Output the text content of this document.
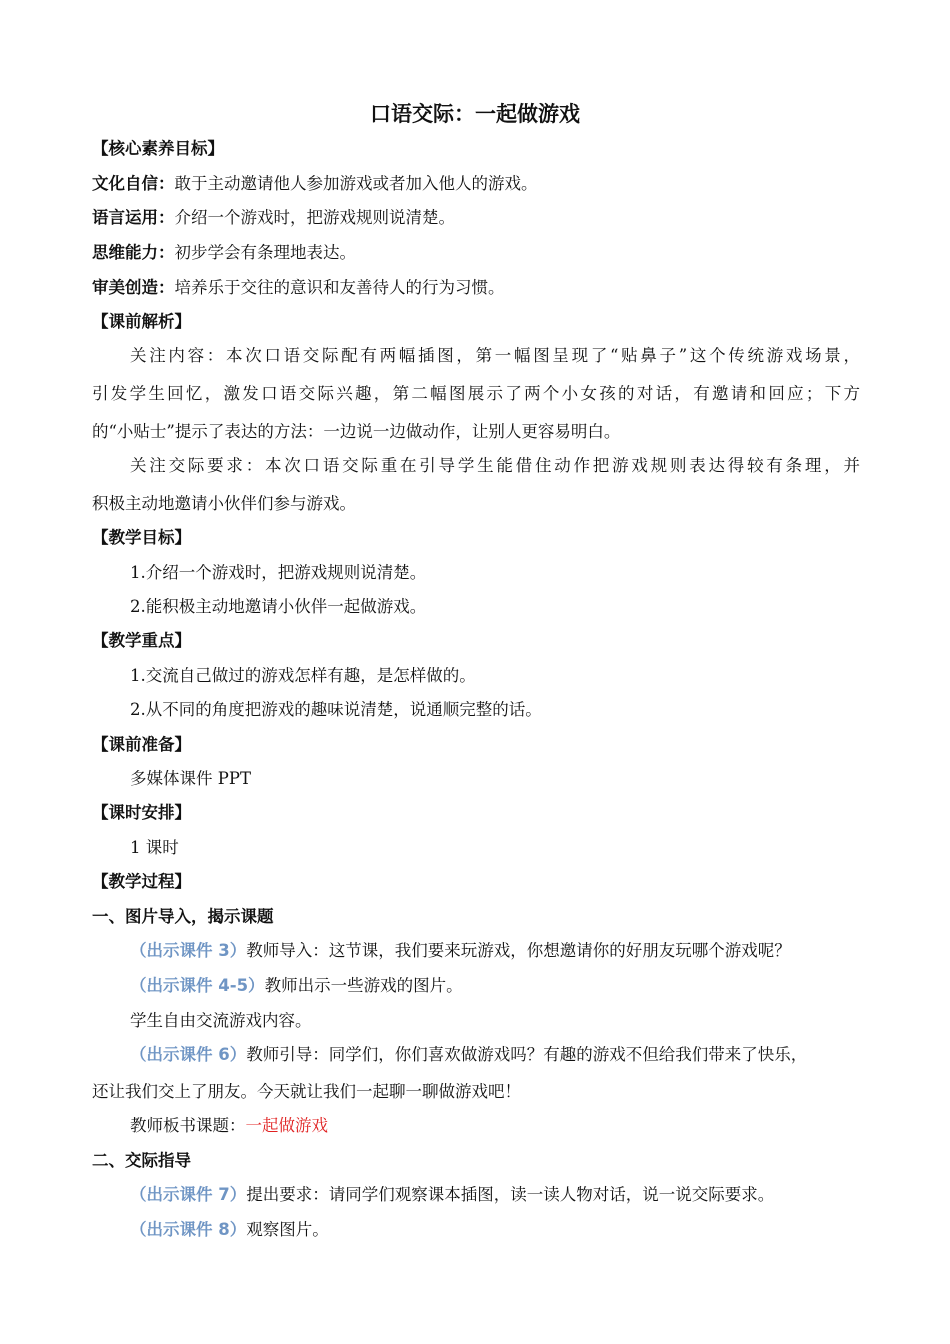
口语交际：一起做游戏
【核心素养目标】
文化自信：敢于主动邀请他人参加游戏或者加入他人的游戏。
语言运用：介绍一个游戏时，把游戏规则说清楚。
思维能力：初步学会有条理地表达。
审美创造：培养乐于交往的意识和友善待人的行为习惯。
【课前解析】
关注内容：本次口语交际配有两幅插图，第一幅图呈现了“贴鼻子”这个传统游戏场景，
引发学生回忆，激发口语交际兴趣，第二幅图展示了两个小女孩的对话，有邀请和回应；下方
的“小贴士”提示了表达的方法：一边说一边做动作，让别人更容易明白。
关注交际要求：本次口语交际重在引导学生能借住动作把游戏规则表达得较有条理，并
积极主动地邀请小伙伴们参与游戏。
【教学目标】
1.介绍一个游戏时，把游戏规则说清楚。
2.能积极主动地邀请小伙伴一起做游戏。
【教学重点】
1.交流自己做过的游戏怎样有趣，是怎样做的。
2.从不同的角度把游戏的趣味说清楚，说通顺完整的话。
【课前准备】
多媒体课件 PPT
【课时安排】
1 课时
【教学过程】
一、图片导入，揭示课题
（出示课件 3）教师导入：这节课，我们要来玩游戏，你想邀请你的好朋友玩哪个游戏呢？
（出示课件 4-5）教师出示一些游戏的图片。
学生自由交流游戏内容。
（出示课件 6）教师引导：同学们，你们喜欢做游戏吗？有趣的游戏不但给我们带来了快乐，
还让我们交上了朋友。今天就让我们一起聊一聊做游戏吧！
教师板书课题：一起做游戏
二、交际指导
（出示课件 7）提出要求：请同学们观察课本插图，读一读人物对话，说一说交际要求。
（出示课件 8）观察图片。
